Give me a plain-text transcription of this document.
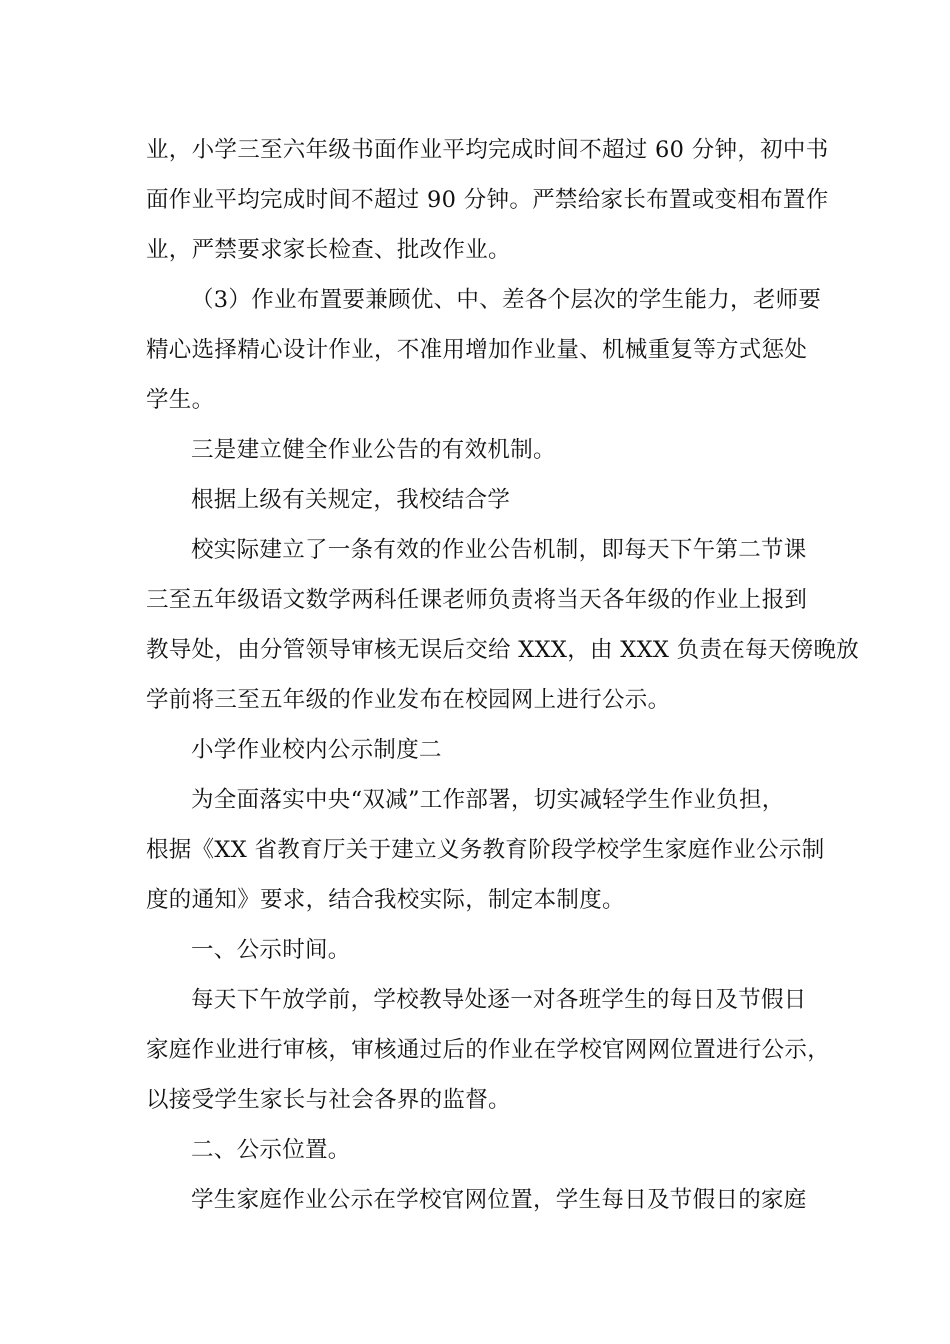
业，小学三至六年级书面作业平均完成时间不超过 60 分钟，初中书
面作业平均完成时间不超过 90 分钟。严禁给家长布置或变相布置作
业，严禁要求家长检查、批改作业。
（3）作业布置要兼顾优、中、差各个层次的学生能力，老师要
精心选择精心设计作业，不准用增加作业量、机械重复等方式惩处
学生。
三是建立健全作业公告的有效机制。
根据上级有关规定，我校结合学
校实际建立了一条有效的作业公告机制，即每天下午第二节课
三至五年级语文数学两科任课老师负责将当天各年级的作业上报到
教导处，由分管领导审核无误后交给 XXX，由 XXX 负责在每天傍晚放
学前将三至五年级的作业发布在校园网上进行公示。
小学作业校内公示制度二
为全面落实中央“双减”工作部署，切实减轻学生作业负担，
根据《XX 省教育厅关于建立义务教育阶段学校学生家庭作业公示制
度的通知》要求，结合我校实际，制定本制度。
一、公示时间。
每天下午放学前，学校教导处逐一对各班学生的每日及节假日
家庭作业进行审核，审核通过后的作业在学校官网网位置进行公示，
以接受学生家长与社会各界的监督。
二、公示位置。
学生家庭作业公示在学校官网位置，学生每日及节假日的家庭
